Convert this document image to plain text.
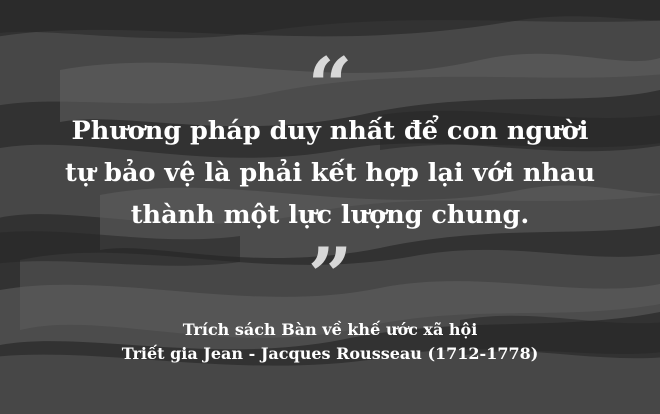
“

Phương pháp duy nhất để con người
tự bảo vệ là phải kết hợp lại với nhau
thành một lực lượng chung.

”
Trích sách Bàn về khế ước xã hội
Triết gia Jean - Jacques Rousseau (1712-1778)
